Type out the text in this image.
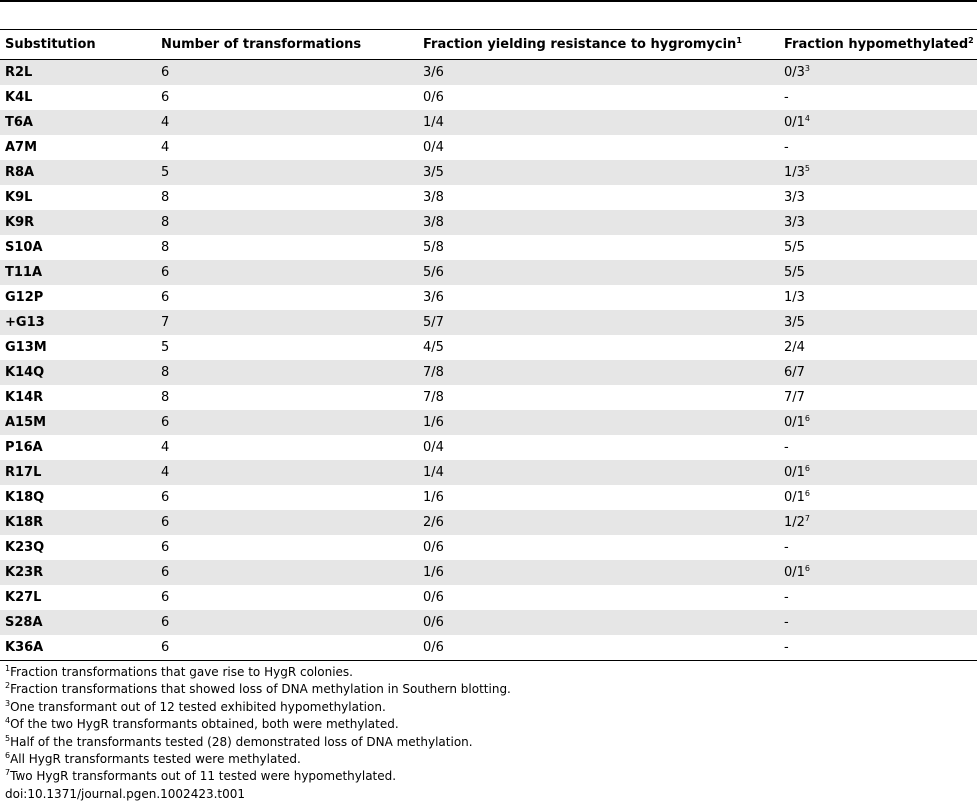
Substitution	Number of transformations	Fraction yielding resistance to hygromycin$^1$	Fraction hypomethylated$^2$
R2L	6	3/6	$0/3^3$
K4L	6	0/6	-
T6A	4	1/4	$0/1^4$
A7M	4	0/4	-
R8A	5	3/5	$1/3^5$
K9L	8	3/8	3/3
K9R	8	3/8	3/3
S10A	8	5/8	5/5
T11A	6	5/6	5/5
G12P	6	3/6	1/3
+G13	7	5/7	3/5
G13M	5	4/5	2/4
K14Q	8	7/8	6/7
K14R	8	7/8	7/7
A15M	6	1/6	$0/1^6$
P16A	4	0/4	-
R17L	4	1/4	$0/1^6$
K18Q	6	1/6	$0/1^6$
K18R	6	2/6	$1/2^7$
K23Q	6	0/6	-
K23R	6	1/6	$0/1^6$
K27L	6	0/6	-
S28A	6	0/6	-
K36A	6	0/6	-
$^1$Fraction transformations that gave rise to HygR colonies.
$^2$Fraction transformations that showed loss of DNA methylation in Southern blotting.
$^3$One transformant out of 12 tested exhibited hypomethylation.
$^4$Of the two HygR transformants obtained, both were methylated.
$^5$Half of the transformants tested (28) demonstrated loss of DNA methylation.
$^6$All HygR transformants tested were methylated.
$^7$Two HygR transformants out of 11 tested were hypomethylated.
doi:10.1371/journal.pgen.1002423.t001
